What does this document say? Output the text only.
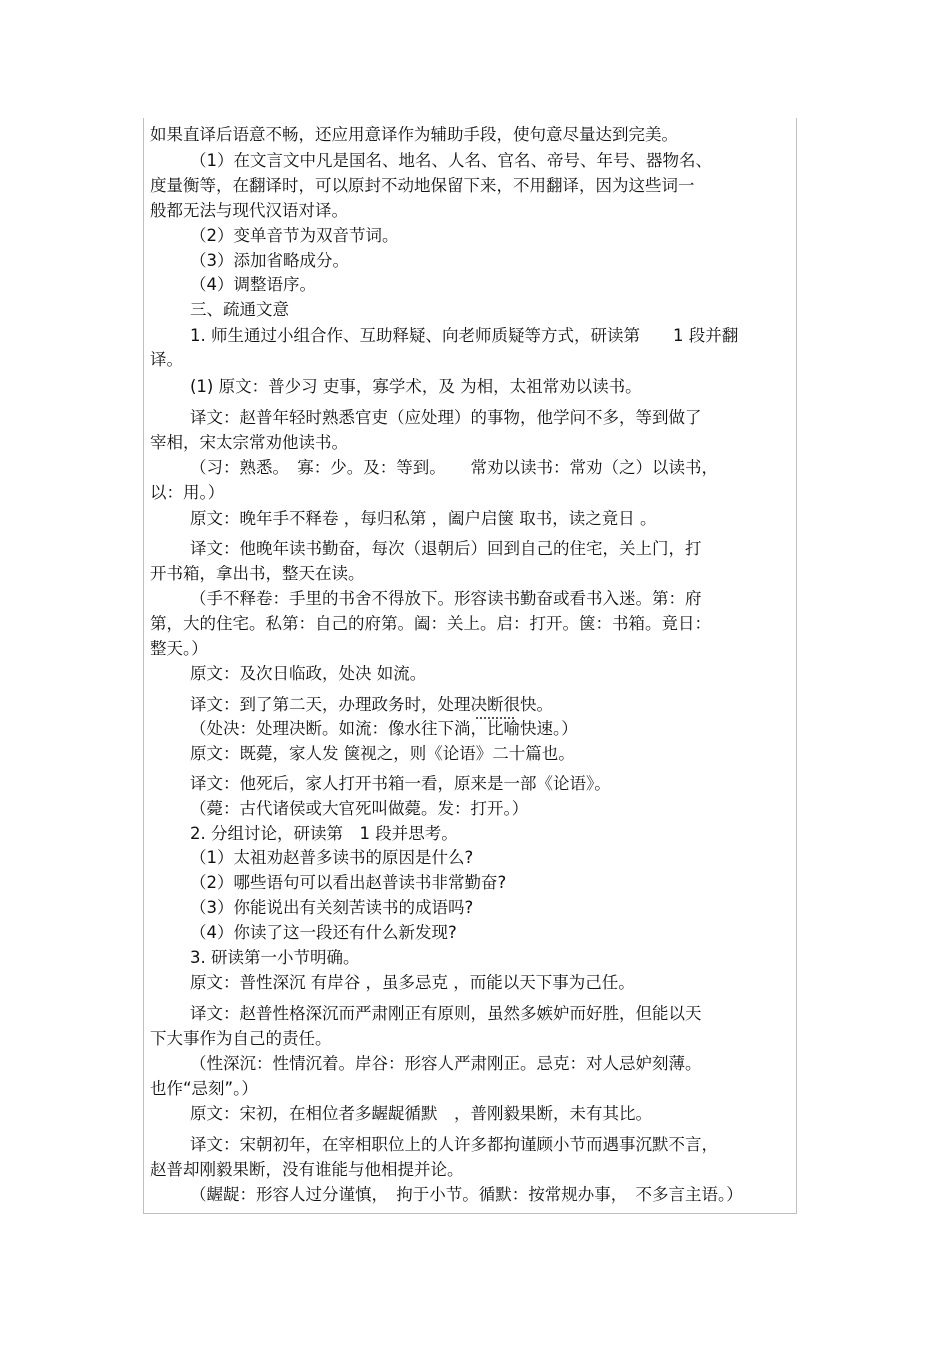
如果直译后语意不畅，还应用意译作为辅助手段，使句意尽量达到完美。
（1）在文言文中凡是国名、地名、人名、官名、帝号、年号、器物名、
度量衡等，在翻译时，可以原封不动地保留下来，不用翻译，因为这些词一
般都无法与现代汉语对译。
（2）变单音节为双音节词。
（3）添加省略成分。
（4）调整语序。
三、疏通文意
1. 师生通过小组合作、互助释疑、向老师质疑等方式，研读第　　1 段并翻
译。
(1) 原文：普少习 吏事，寡学术，及 为相，太祖常劝以读书。
译文：赵普年轻时熟悉官吏（应处理）的事物，他学问不多，等到做了
宰相，宋太宗常劝他读书。
（习：熟悉。　寡：少。及：等到。　　常劝以读书：常劝（之）以读书，
以：用。）
原文：晚年手不释卷 ，每归私第 ，阖户启箧 取书，读之竟日 。
译文：他晚年读书勤奋，每次（退朝后）回到自己的住宅，关上门，打
开书箱，拿出书，整天在读。
（手不释卷：手里的书舍不得放下。形容读书勤奋或看书入迷。第：府
第，大的住宅。私第：自己的府第。阖：关上。启：打开。箧：书箱。竟日：
整天。）
原文：及次日临政，处决 如流。
译文：到了第二天，办理政务时，处理决断很快。
（处决：处理决断。如流：像水往下淌，比喻快速。）
原文：既薨，家人发 箧视之，则《论语》二十篇也。
译文：他死后，家人打开书箱一看，原来是一部《论语》。
（薨：古代诸侯或大官死叫做薨。发：打开。）
2. 分组讨论，研读第　1 段并思考。
（1）太祖劝赵普多读书的原因是什么?
（2）哪些语句可以看出赵普读书非常勤奋?
（3）你能说出有关刻苦读书的成语吗?
（4）你读了这一段还有什么新发现?
3. 研读第一小节明确。
原文：普性深沉 有岸谷 ，虽多忌克 ，而能以天下事为己任。
译文：赵普性格深沉而严肃刚正有原则，虽然多嫉妒而好胜，但能以天
下大事作为自己的责任。
（性深沉：性情沉着。岸谷：形容人严肃刚正。忌克：对人忌妒刻薄。
也作“忌刻”。）
原文：宋初，在相位者多龌龊循默　，普刚毅果断，未有其比。
译文：宋朝初年，在宰相职位上的人许多都拘谨顾小节而遇事沉默不言，
赵普却刚毅果断，没有谁能与他相提并论。
（龌龊：形容人过分谨慎，　拘于小节。循默：按常规办事，　不多言主语。）
